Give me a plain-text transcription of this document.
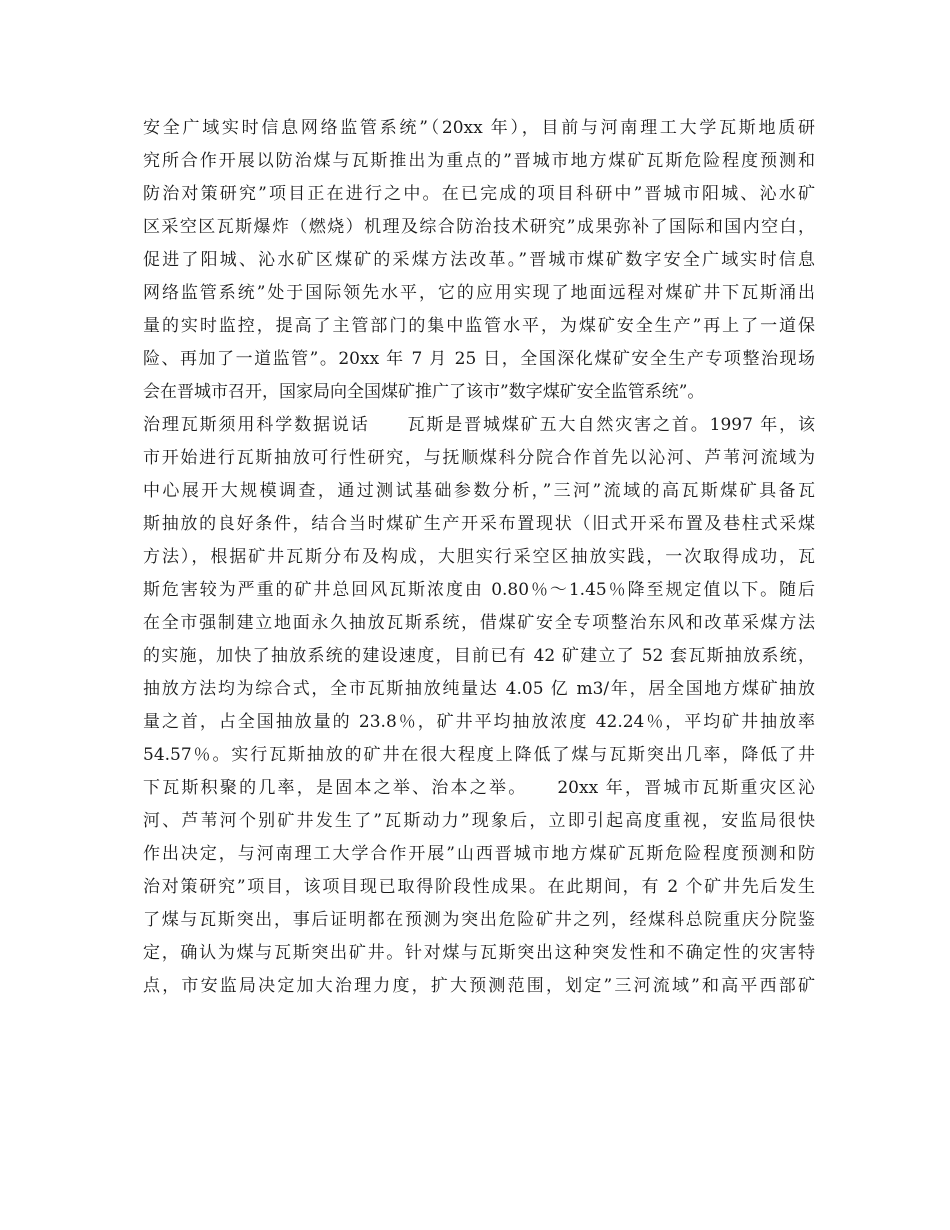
安全广域实时信息网络监管系统”（20xx 年），目前与河南理工大学瓦斯地质研
究所合作开展以防治煤与瓦斯推出为重点的”晋城市地方煤矿瓦斯危险程度预测和
防治对策研究”项目正在进行之中。在已完成的项目科研中”晋城市阳城、沁水矿
区采空区瓦斯爆炸（燃烧）机理及综合防治技术研究”成果弥补了国际和国内空白，
促进了阳城、沁水矿区煤矿的采煤方法改革。”晋城市煤矿数字安全广域实时信息
网络监管系统”处于国际领先水平，它的应用实现了地面远程对煤矿井下瓦斯涌出
量的实时监控，提高了主管部门的集中监管水平，为煤矿安全生产”再上了一道保
险、再加了一道监管”。20xx 年 7 月 25 日，全国深化煤矿安全生产专项整治现场
会在晋城市召开，国家局向全国煤矿推广了该市”数字煤矿安全监管系统”。
治理瓦斯须用科学数据说话　　瓦斯是晋城煤矿五大自然灾害之首。1997 年，该
市开始进行瓦斯抽放可行性研究，与抚顺煤科分院合作首先以沁河、芦苇河流域为
中心展开大规模调查，通过测试基础参数分析，”三河”流域的高瓦斯煤矿具备瓦
斯抽放的良好条件，结合当时煤矿生产开采布置现状（旧式开采布置及巷柱式采煤
方法），根据矿井瓦斯分布及构成，大胆实行采空区抽放实践，一次取得成功，瓦
斯危害较为严重的矿井总回风瓦斯浓度由 0.80％～1.45％降至规定值以下。随后
在全市强制建立地面永久抽放瓦斯系统，借煤矿安全专项整治东风和改革采煤方法
的实施，加快了抽放系统的建设速度，目前已有 42 矿建立了 52 套瓦斯抽放系统，
抽放方法均为综合式，全市瓦斯抽放纯量达 4.05 亿 m3/年，居全国地方煤矿抽放
量之首，占全国抽放量的 23.8％，矿井平均抽放浓度 42.24％，平均矿井抽放率
54.57％。实行瓦斯抽放的矿井在很大程度上降低了煤与瓦斯突出几率，降低了井
下瓦斯积聚的几率，是固本之举、治本之举。　　20xx 年，晋城市瓦斯重灾区沁
河、芦苇河个别矿井发生了”瓦斯动力”现象后，立即引起高度重视，安监局很快
作出决定，与河南理工大学合作开展”山西晋城市地方煤矿瓦斯危险程度预测和防
治对策研究”项目，该项目现已取得阶段性成果。在此期间，有 2 个矿井先后发生
了煤与瓦斯突出，事后证明都在预测为突出危险矿井之列，经煤科总院重庆分院鉴
定，确认为煤与瓦斯突出矿井。针对煤与瓦斯突出这种突发性和不确定性的灾害特
点，市安监局决定加大治理力度，扩大预测范围，划定”三河流域”和高平西部矿
